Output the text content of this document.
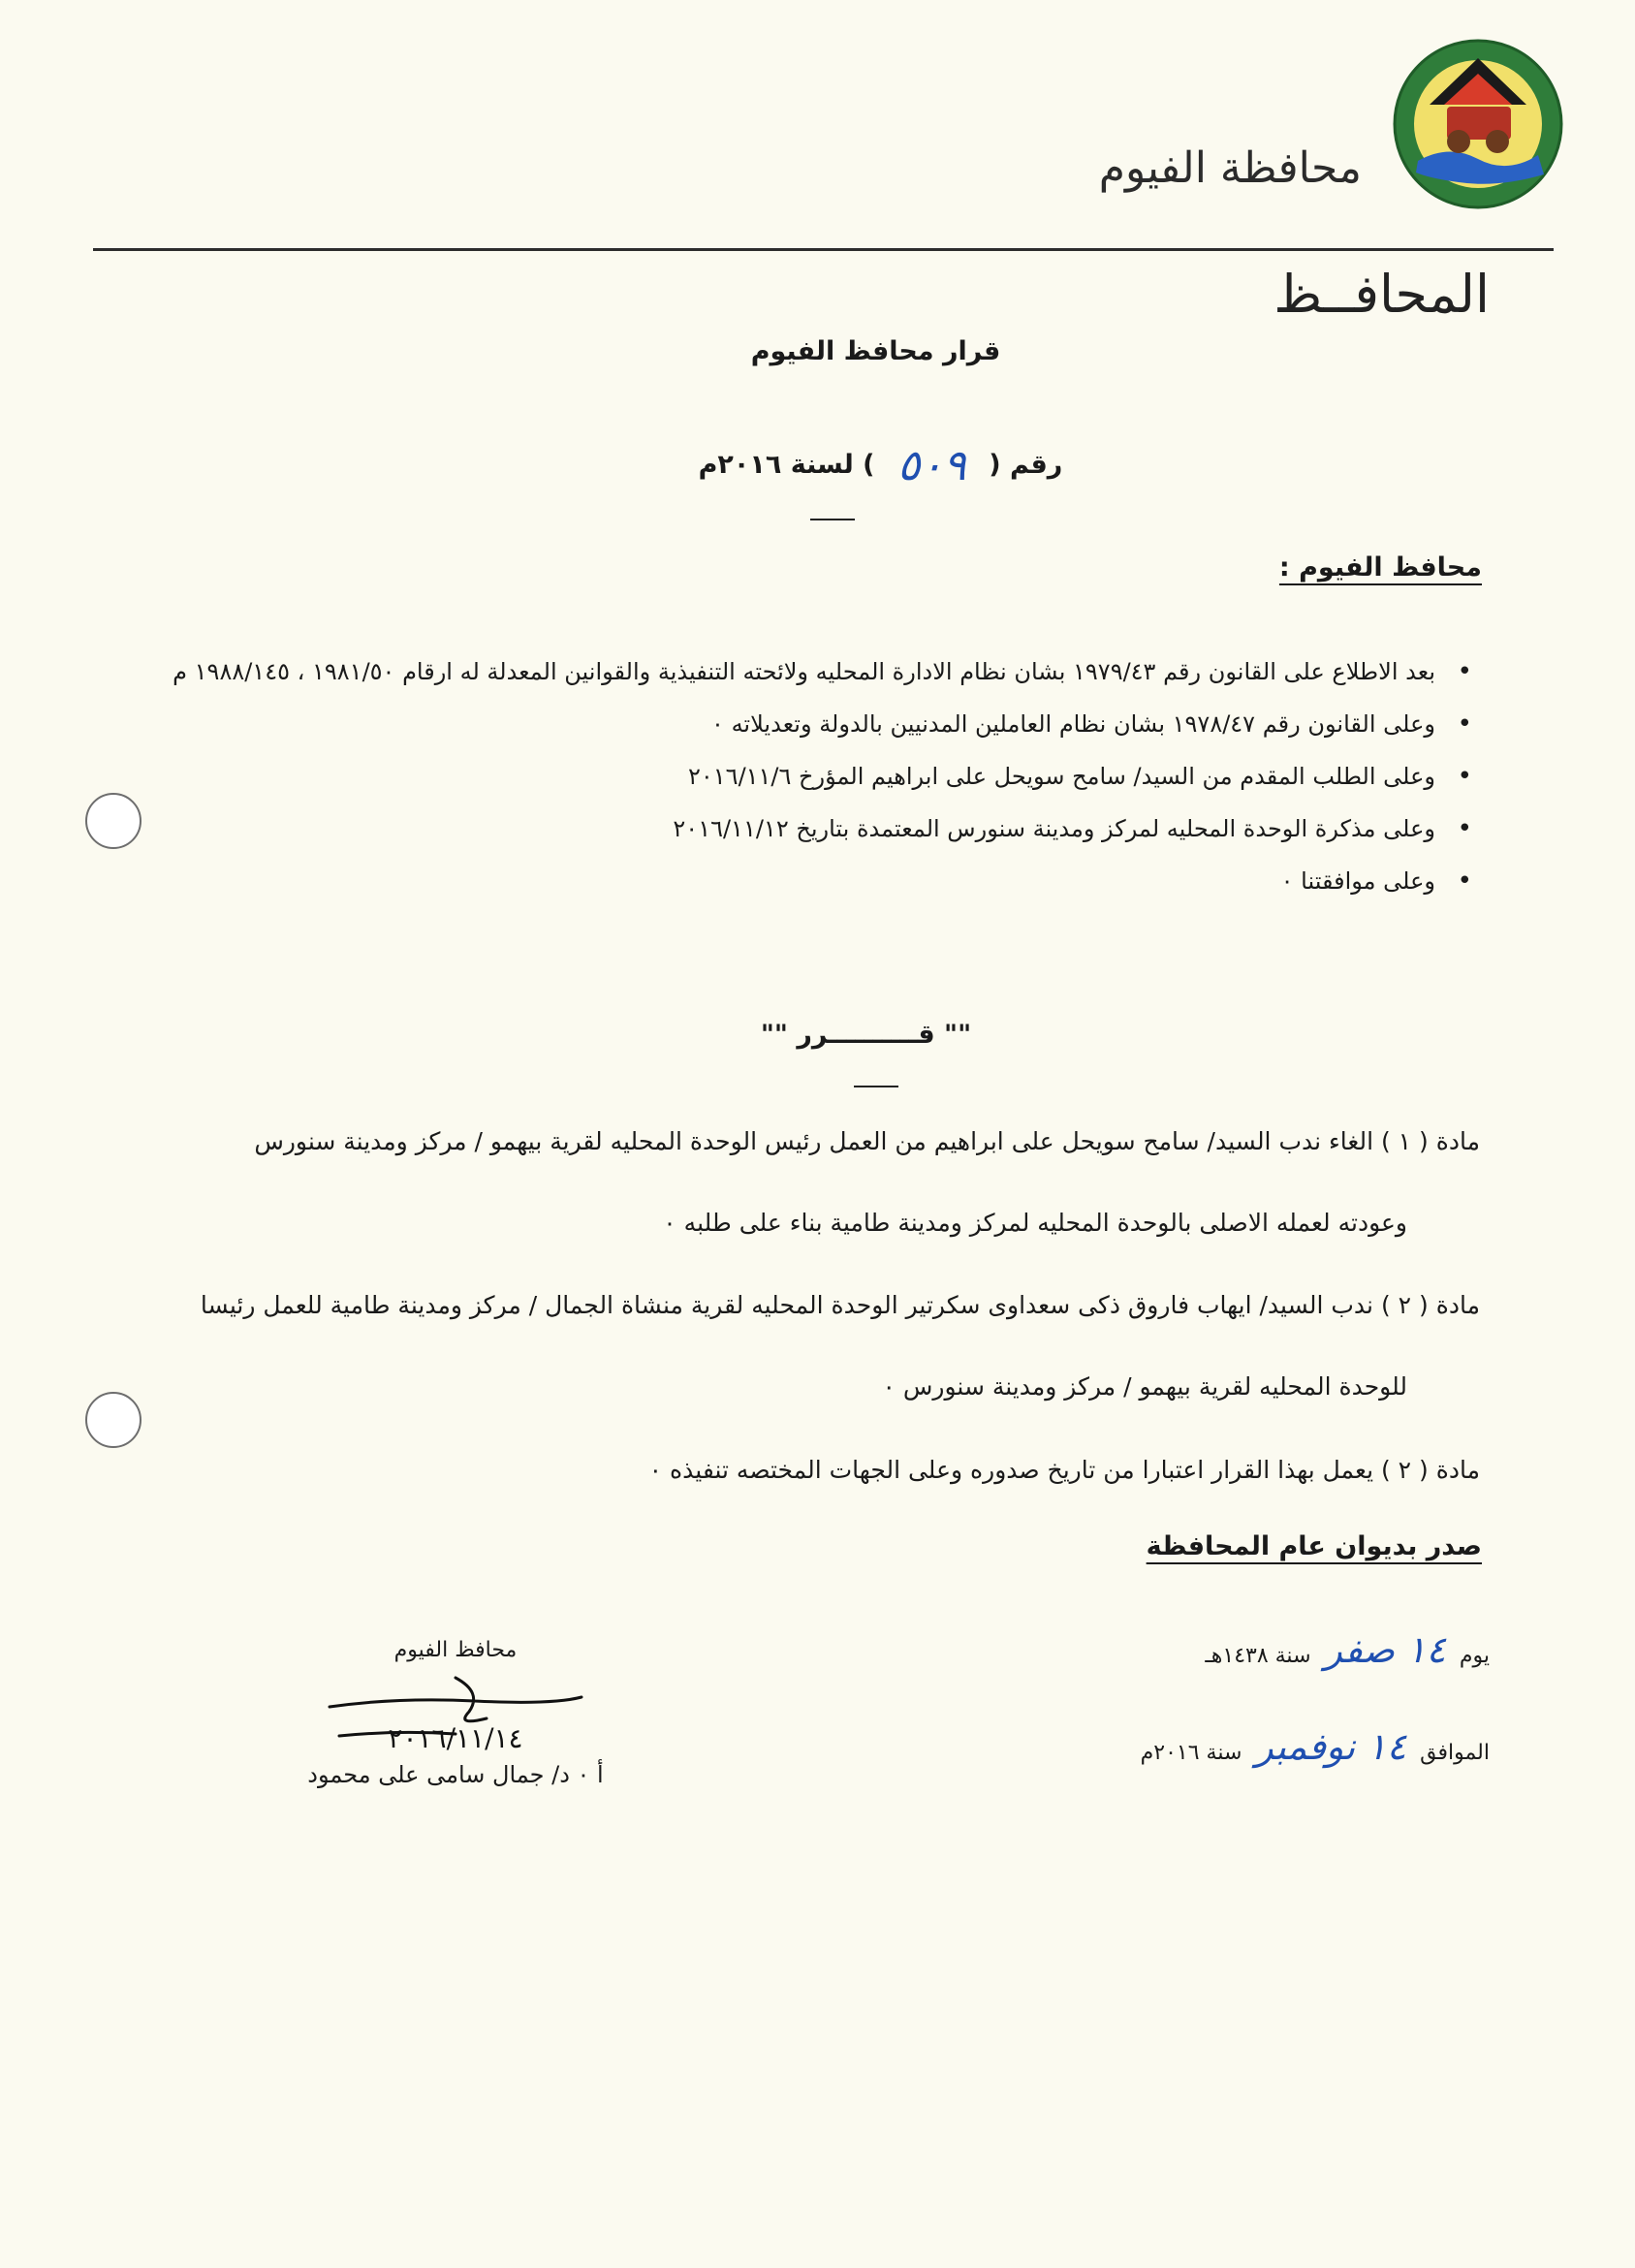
محافظة الفيوم
المحافــظ
قرار محافظ الفيوم
رقم ( ٥٠٩ ) لسنة ٢٠١٦م
محافظ الفيوم :
• بعد الاطلاع على القانون رقم ١٩٧٩/٤٣ بشان نظام الادارة المحليه ولائحته التنفيذية والقوانين المعدلة له ارقام ١٩٨١/٥٠ ، ١٩٨٨/١٤٥ م
• وعلى القانون رقم ١٩٧٨/٤٧ بشان نظام العاملين المدنيين بالدولة وتعديلاته ٠
• وعلى الطلب المقدم من السيد/ سامح سويحل على ابراهيم المؤرخ ٢٠١٦/١١/٦
• وعلى مذكرة الوحدة المحليه لمركز ومدينة سنورس المعتمدة بتاريخ ٢٠١٦/١١/١٢
• وعلى موافقتنا ٠
"" قــــــــــرر ""
مادة ( ١ ) الغاء ندب السيد/ سامح سويحل على ابراهيم من العمل رئيس الوحدة المحليه لقرية بيهمو / مركز ومدينة سنورس
وعودته لعمله الاصلى بالوحدة المحليه لمركز ومدينة طامية بناء على طلبه ٠
مادة ( ٢ ) ندب السيد/ ايهاب فاروق ذكى سعداوى سكرتير الوحدة المحليه لقرية منشاة الجمال / مركز ومدينة طامية للعمل رئيسا
للوحدة المحليه لقرية بيهمو / مركز ومدينة سنورس ٠
مادة ( ٢ ) يعمل بهذا القرار اعتبارا من تاريخ صدوره وعلى الجهات المختصه تنفيذه ٠
صدر بديوان عام المحافظة
يوم
١٤ صفر
سنة ١٤٣٨هـ
الموافق
١٤ نوفمبر
سنة ٢٠١٦م
محافظ الفيوم
٢٠١٦/١١/١٤
أ ٠ د/ جمال سامى على محمود
